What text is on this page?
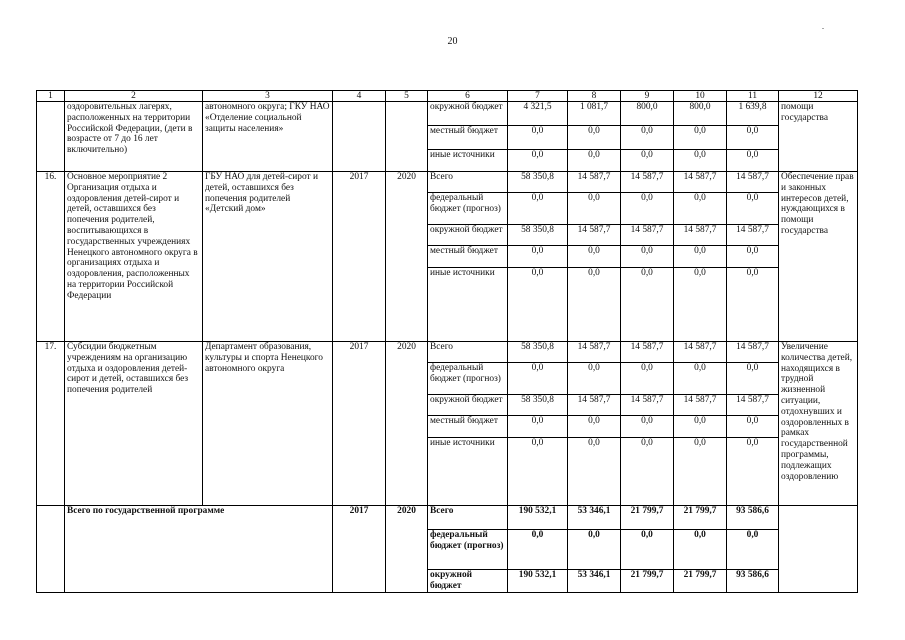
20
.
1	2	3	4	5	6	7	8	9	10	11	12
	оздоровительных лагерях, расположенных на территории Российской Федерации, (дети в возрасте от 7 до 16 лет включительно)	автономного округа; ГКУ НАО «Отделение социальной защиты населения»			окружной бюджет	4 321,5	1 081,7	800,0	800,0	1 639,8	помощи государства
					местный бюджет	0,0	0,0	0,0	0,0	0,0	
					иные источники	0,0	0,0	0,0	0,0	0,0	
16.	Основное мероприятие 2 Организация отдыха и оздоровления детей-сирот и детей, оставшихся без попечения родителей, воспитывающихся в государственных учреждениях Ненецкого автономного округа в организациях отдыха и оздоровления, расположенных на территории Российской Федерации	ГБУ НАО для детей-сирот и детей, оставшихся без попечения родителей «Детский дом»	2017	2020	Всего	58 350,8	14 587,7	14 587,7	14 587,7	14 587,7	Обеспечение прав и законных интересов детей, нуждающихся в помощи государства
					федеральный бюджет (прогноз)	0,0	0,0	0,0	0,0	0,0	
					окружной бюджет	58 350,8	14 587,7	14 587,7	14 587,7	14 587,7	
					местный бюджет	0,0	0,0	0,0	0,0	0,0	
					иные источники	0,0	0,0	0,0	0,0	0,0	
17.	Субсидии бюджетным учреждениям на организацию отдыха и оздоровления детей-сирот и детей, оставшихся без попечения родителей	Департамент образования, культуры и спорта Ненецкого автономного округа	2017	2020	Всего	58 350,8	14 587,7	14 587,7	14 587,7	14 587,7	Увеличение количества детей, находящихся в трудной жизненной ситуации, отдохнувших и оздоровленных в рамках государственной программы, подлежащих оздоровлению
					федеральный бюджет (прогноз)	0,0	0,0	0,0	0,0	0,0	
					окружной бюджет	58 350,8	14 587,7	14 587,7	14 587,7	14 587,7	
					местный бюджет	0,0	0,0	0,0	0,0	0,0	
					иные источники	0,0	0,0	0,0	0,0	0,0	
	Всего по государственной программе		2017	2020	Всего	190 532,1	53 346,1	21 799,7	21 799,7	93 586,6	
					федеральный бюджет (прогноз)	0,0	0,0	0,0	0,0	0,0	
					окружной бюджет	190 532,1	53 346,1	21 799,7	21 799,7	93 586,6	
